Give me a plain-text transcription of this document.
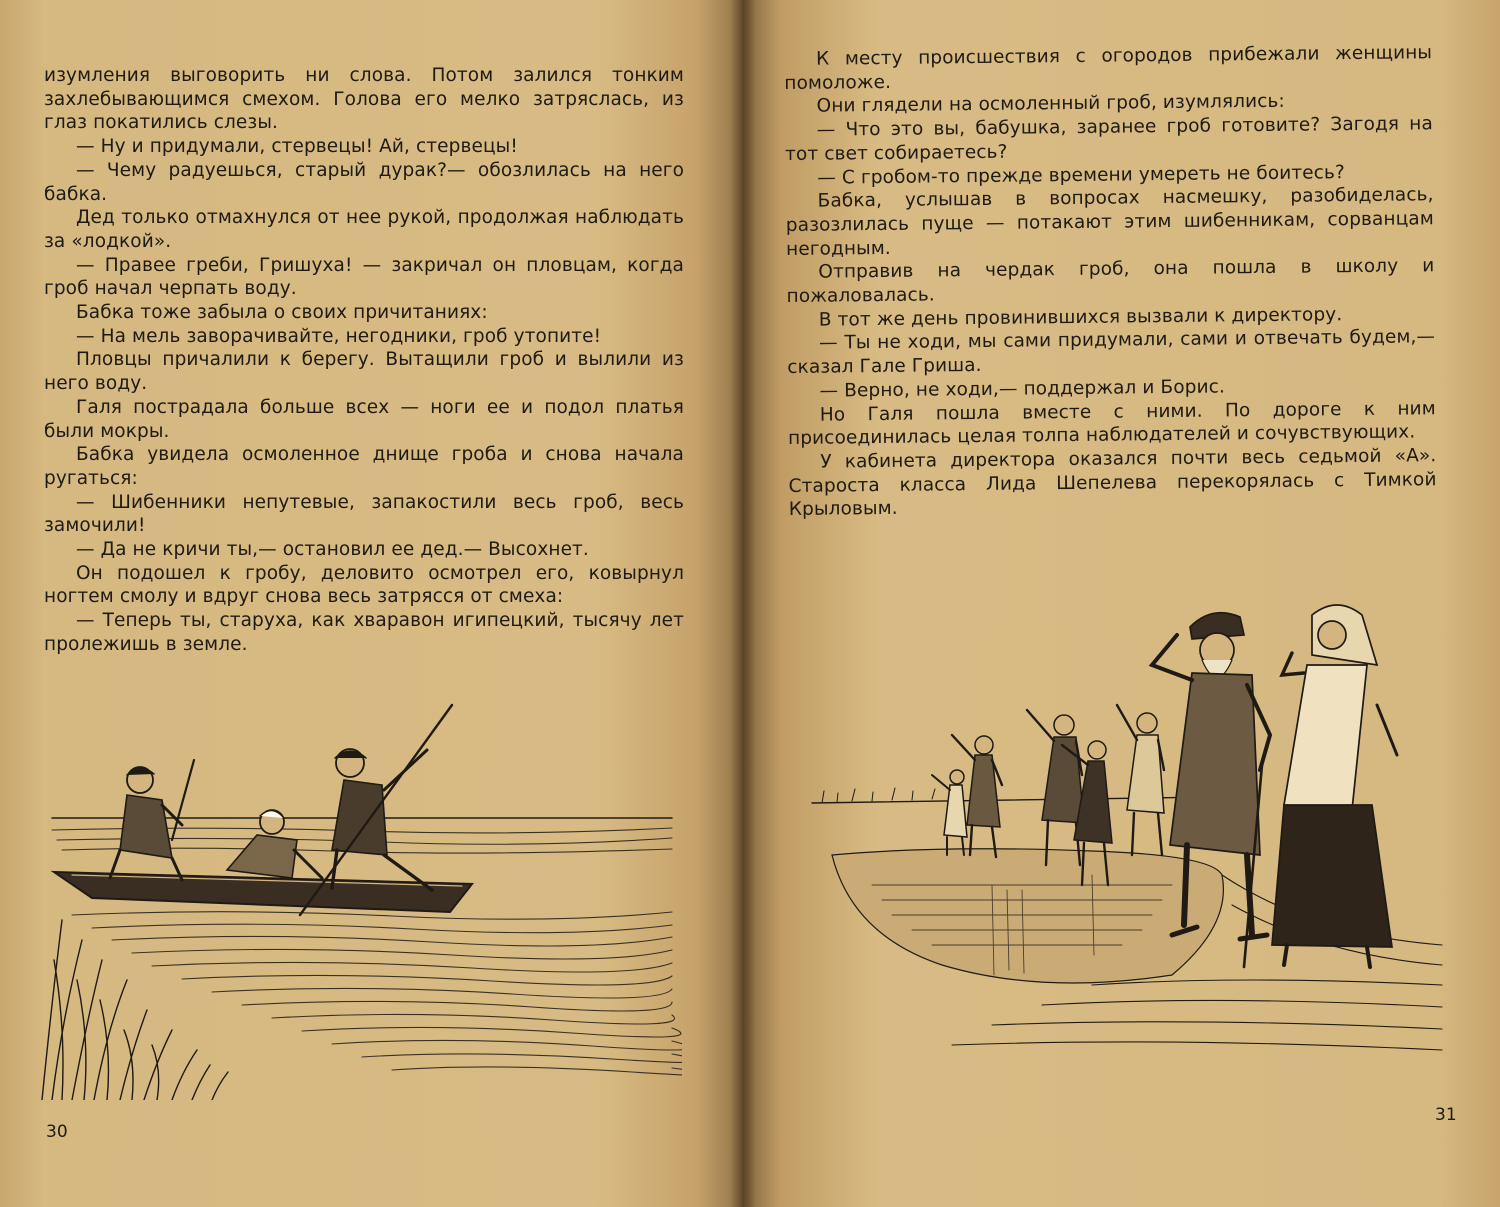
изумления выговорить ни слова. Потом залился тонким захлебывающимся смехом. Голова его мелко затряслась, из глаз покатились слезы.

— Ну и придумали, стервецы! Ай, стервецы!

— Чему радуешься, старый дурак?— обозлилась на него бабка.

Дед только отмахнулся от нее рукой, продолжая наблюдать за «лодкой».

— Правее греби, Гришуха! — закричал он пловцам, когда гроб начал черпать воду.

Бабка тоже забыла о своих причитаниях:

— На мель заворачивайте, негодники, гроб утопите!

Пловцы причалили к берегу. Вытащили гроб и вылили из него воду.

Галя пострадала больше всех — ноги ее и подол платья были мокры.

Бабка увидела осмоленное днище гроба и снова начала ругаться:

— Шибенники непутевые, запакостили весь гроб, весь замочили!

— Да не кричи ты,— остановил ее дед.— Высохнет.

Он подошел к гробу, деловито осмотрел его, ковырнул ногтем смолу и вдруг снова весь затрясся от смеха:

— Теперь ты, старуха, как хваравон игипецкий, тысячу лет пролежишь в земле.

30

К месту происшествия с огородов прибежали женщины помоложе.

Они глядели на осмоленный гроб, изумлялись:

— Что это вы, бабушка, заранее гроб готовите? Загодя на тот свет собираетесь?

— С гробом-то прежде времени умереть не боитесь?

Бабка, услышав в вопросах насмешку, разобиделась, разозлилась пуще — потакают этим шибенникам, сорванцам негодным.

Отправив на чердак гроб, она пошла в школу и пожаловалась.

В тот же день провинившихся вызвали к директору.

— Ты не ходи, мы сами придумали, сами и отвечать будем,— сказал Гале Гриша.

— Верно, не ходи,— поддержал и Борис.

Но Галя пошла вместе с ними. По дороге к ним присоединилась целая толпа наблюдателей и сочувствующих.

У кабинета директора оказался почти весь седьмой «А». Староста класса Лида Шепелева перекорялась с Тимкой Крыловым.

31
